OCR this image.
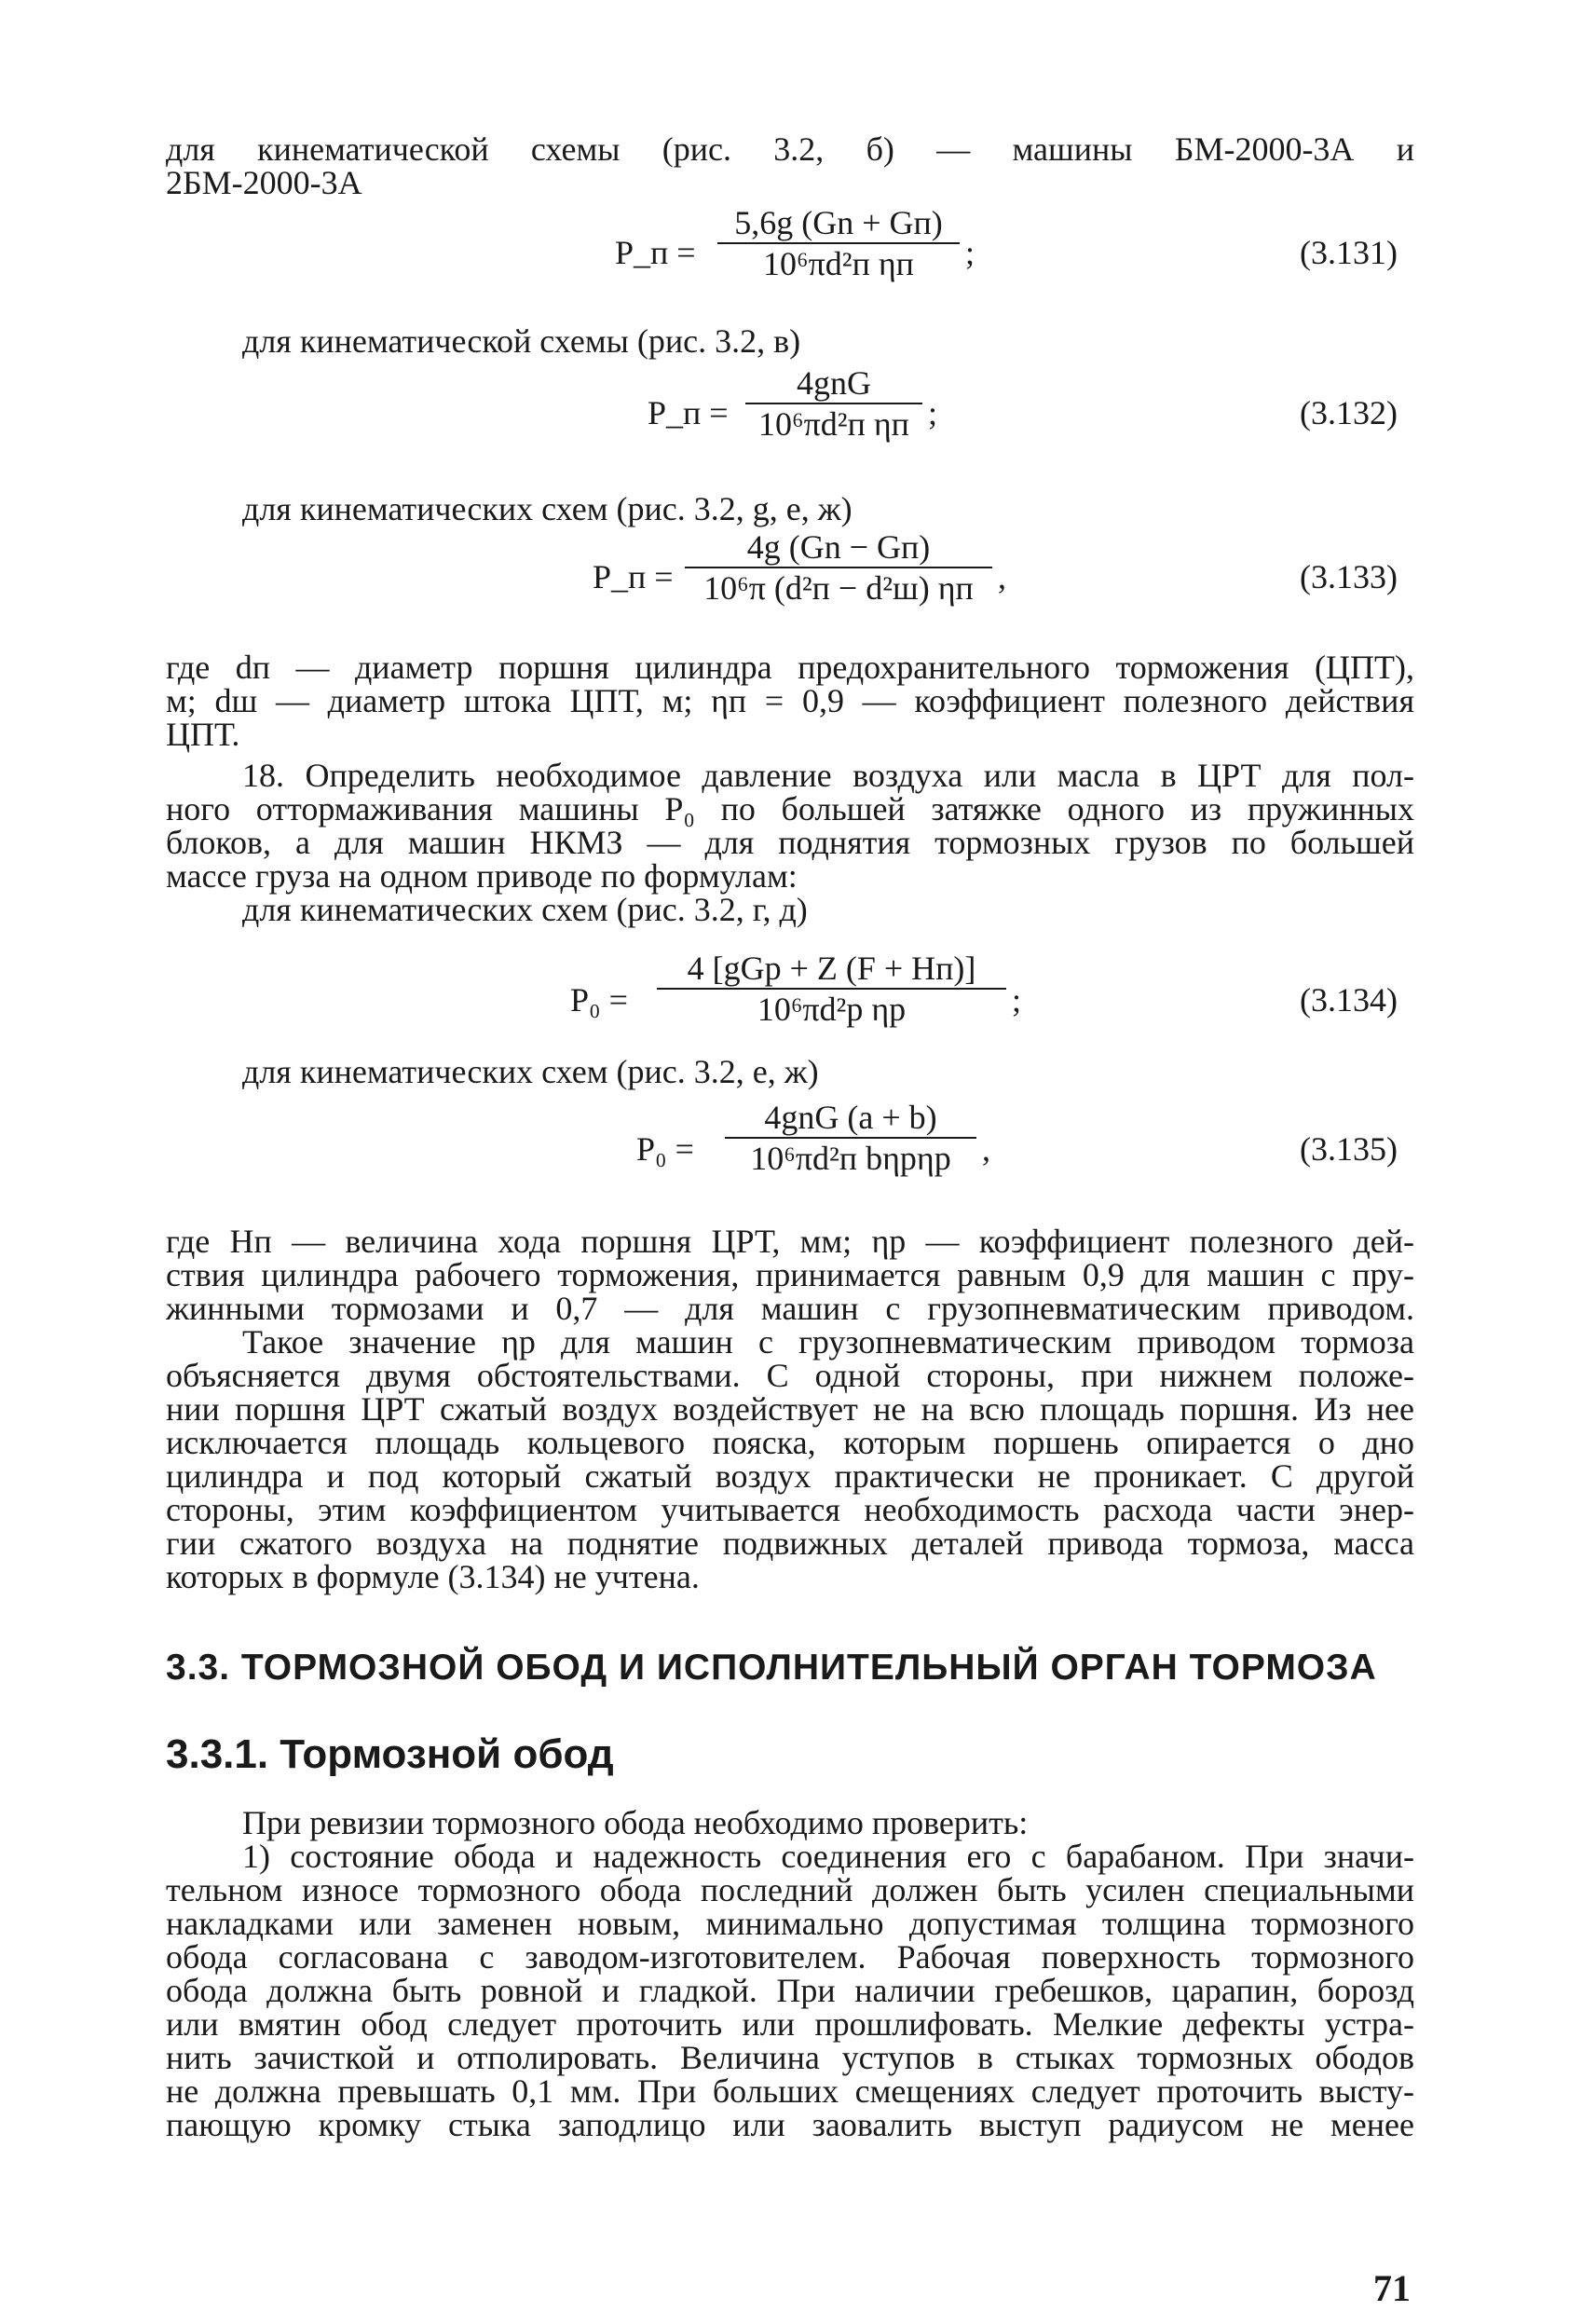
для кинематической схемы (рис. 3.2, б) — машины БМ-2000-3А и
2БМ-2000-3А
P_п =
5,6g (Gn + Gп)
10⁶πd²п ηп	;	(3.131)
для кинематической схемы (рис. 3.2, в)
P_п =
4gnG
10⁶πd²п ηп ;	(3.132)
для кинематических схем (рис. 3.2, g, е, ж)
P_п =
4g (Gn − Gп)
10⁶π (d²п − d²ш) ηп ,	(3.133)
где dп — диаметр поршня цилиндра предохранительного торможения (ЦПТ),
м; dш — диаметр штока ЦПТ, м; ηп = 0,9 — коэффициент полезного действия
ЦПТ.
18. Определить необходимое давление воздуха или масла в ЦРТ для пол-
ного оттормаживания машины P₀ по большей затяжке одного из пружинных
блоков, а для машин НКМЗ — для поднятия тормозных грузов по большей
массе груза на одном приводе по формулам:
для кинематических схем (рис. 3.2, г, д)
P₀ =
4 [gGp + Z (F + Hп)]
10⁶πd²p ηp	;	(3.134)
для кинематических схем (рис. 3.2, е, ж)
P₀ =
4gnG (a + b)
10⁶πd²п bηpηp ,	(3.135)
где Hп — величина хода поршня ЦРТ, мм; ηp — коэффициент полезного дей-
ствия цилиндра рабочего торможения, принимается равным 0,9 для машин с пру-
жинными тормозами и 0,7 — для машин с грузопневматическим приводом.
Такое значение ηp для машин с грузопневматическим приводом тормоза
объясняется двумя обстоятельствами. С одной стороны, при нижнем положе-
нии поршня ЦРТ сжатый воздух воздействует не на всю площадь поршня. Из нее
исключается площадь кольцевого пояска, которым поршень опирается о дно
цилиндра и под который сжатый воздух практически не проникает. С другой
стороны, этим коэффициентом учитывается необходимость расхода части энер-
гии сжатого воздуха на поднятие подвижных деталей привода тормоза, масса
которых в формуле (3.134) не учтена.
3.3. ТОРМОЗНОЙ ОБОД И ИСПОЛНИТЕЛЬНЫЙ ОРГАН ТОРМОЗА
3.3.1. Тормозной обод
При ревизии тормозного обода необходимо проверить:
1) состояние обода и надежность соединения его с барабаном. При значи-
тельном износе тормозного обода последний должен быть усилен специальными
накладками или заменен новым, минимально допустимая толщина тормозного
обода согласована с заводом-изготовителем. Рабочая поверхность тормозного
обода должна быть ровной и гладкой. При наличии гребешков, царапин, борозд
или вмятин обод следует проточить или прошлифовать. Мелкие дефекты устра-
нить зачисткой и отполировать. Величина уступов в стыках тормозных ободов
не должна превышать 0,1 мм. При больших смещениях следует проточить высту-
пающую кромку стыка заподлицо или заовалить выступ радиусом не менее
71
